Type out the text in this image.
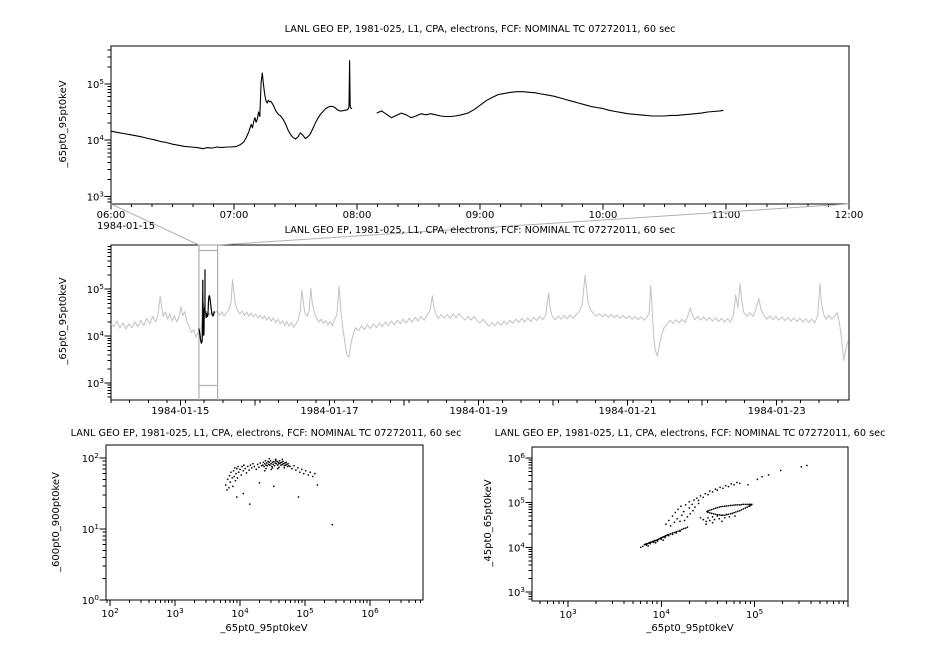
$10^3$
$10^4$
$10^5$
06:00	07:00	08:00	09:00	10:00	11:00	12:00
$10^3$
$10^4$
$10^5$
1984-01-15	1984-01-17	1984-01-19	1984-01-21	1984-01-23
$10^0$
$10^1$
$10^2$
$10^2$	$10^3$	$10^4$	$10^5$	$10^6$
$10^3$
$10^4$
$10^5$
$10^6$
$10^3$	$10^4$	$10^5$
LANL GEO EP, 1981-025, L1, CPA, electrons, FCF: NOMINAL TC 07272011, 60 sec
LANL GEO EP, 1981-025, L1, CPA, electrons, FCF: NOMINAL TC 07272011, 60 sec
LANL GEO EP, 1981-025, L1, CPA, electrons, FCF: NOMINAL TC 07272011, 60 sec	LANL GEO EP, 1981-025, L1, CPA, electrons, FCF: NOMINAL TC 07272011, 60 sec
_65pt0_95pt0keV
_65pt0_95pt0keV
_600pt0_900pt0keV	_45pt0_65pt0keV
_65pt0_95pt0keV	_65pt0_95pt0keV
1984-01-15
